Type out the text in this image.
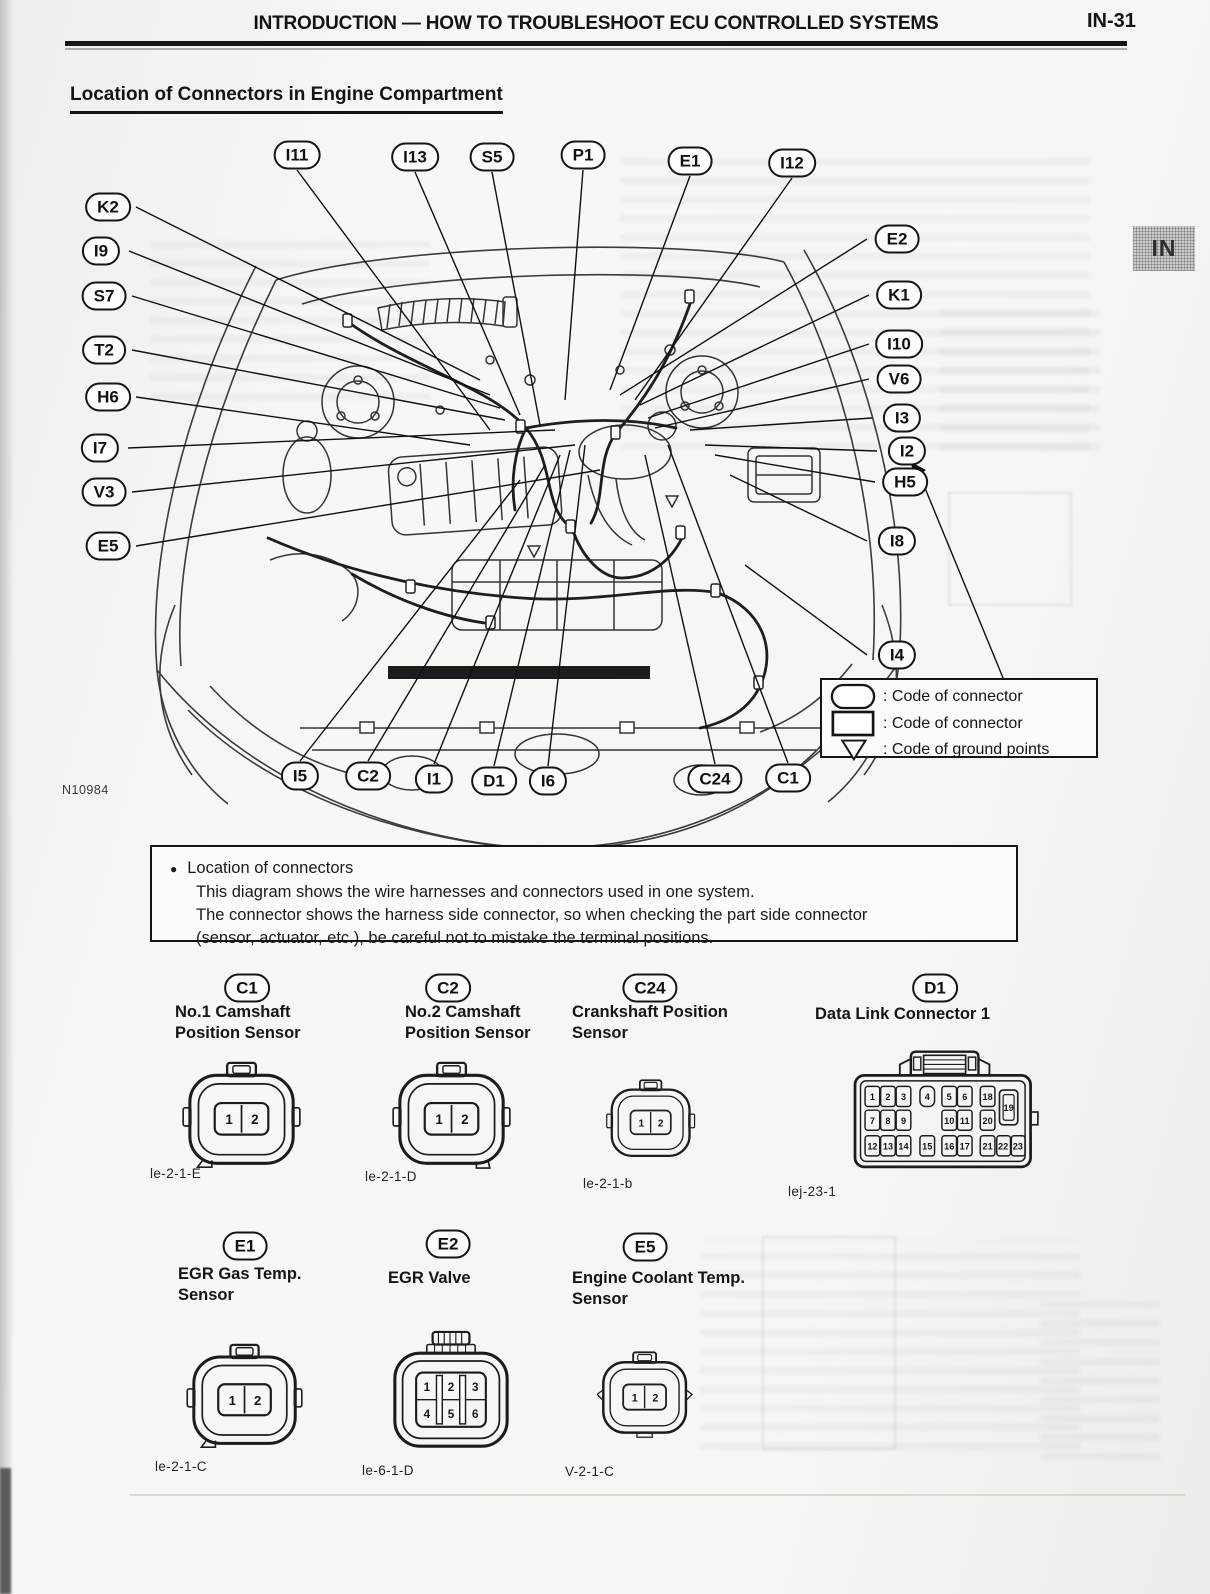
INTRODUCTION — HOW TO TROUBLESHOOT ECU CONTROLLED SYSTEMS	IN-31
Location of Connectors in Engine Compartment
IN
I11	I13	S5	P1	E1	I12
K2
I9
S7
T2
H6
I7
V3
E5
E2
K1
I10
V6
I3
I2
H5
I8
I4
I5	C2	I1	D1	I6	C24	C1
N10984
: Code of connector
: Code of connector
: Code of ground points
● Location of connectors
This diagram shows the wire harnesses and connectors used in one system.
The connector shows the harness side connector, so when checking the part side connector
(sensor, actuator, etc.), be careful not to mistake the terminal positions.
C1
No.1 Camshaft Position Sensor
1 2
le-2-1-E
C2
No.2 Camshaft Position Sensor
1 2
le-2-1-D
C24
Crankshaft Position Sensor
1 2
le-2-1-b
D1
Data Link Connector 1
1 2 3
7 8 9
12 13 14
4
15
5 6
10 11
16 17
18
20
21
19
22 23
lej-23-1
E1
EGR Gas Temp. Sensor
1 2
le-2-1-C
E2
EGR Valve
1 2 3
4 5 6
le-6-1-D
E5
Engine Coolant Temp. Sensor
1 2
V-2-1-C
